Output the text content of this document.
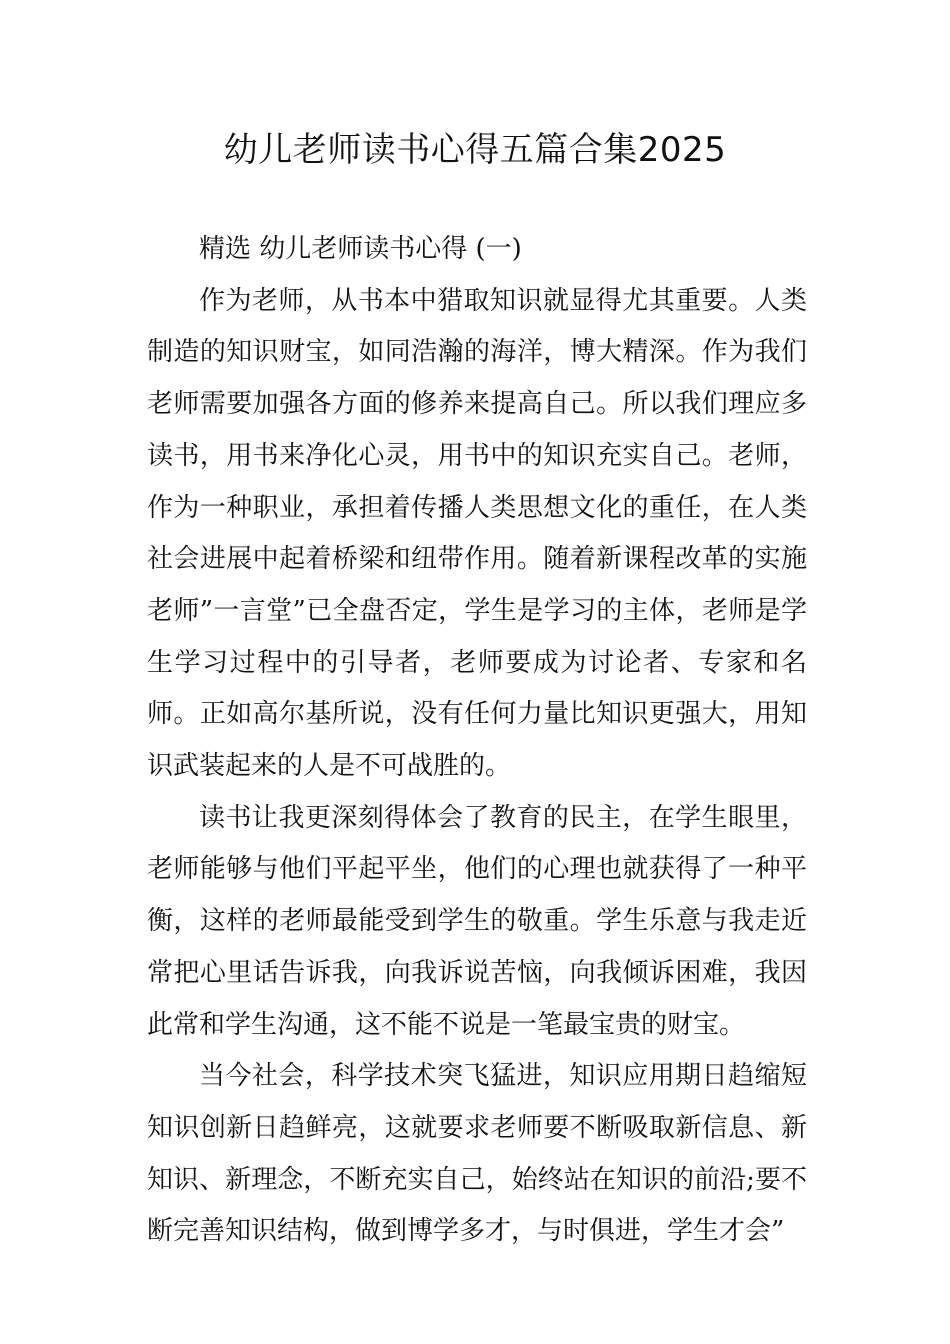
幼儿老师读书心得五篇合集2025

精选 幼儿老师读书心得 (一)

作为老师，从书本中猎取知识就显得尤其重要。人类制造的知识财宝，如同浩瀚的海洋，博大精深。作为我们老师需要加强各方面的修养来提高自己。所以我们理应多读书，用书来净化心灵，用书中的知识充实自己。老师，作为一种职业，承担着传播人类思想文化的重任，在人类社会进展中起着桥梁和纽带作用。随着新课程改革的实施老师”一言堂”已全盘否定，学生是学习的主体，老师是学生学习过程中的引导者，老师要成为讨论者、专家和名师。正如高尔基所说，没有任何力量比知识更强大，用知识武装起来的人是不可战胜的。

读书让我更深刻得体会了教育的民主，在学生眼里，老师能够与他们平起平坐，他们的心理也就获得了一种平衡，这样的老师最能受到学生的敬重。学生乐意与我走近常把心里话告诉我，向我诉说苦恼，向我倾诉困难，我因此常和学生沟通，这不能不说是一笔最宝贵的财宝。

当今社会，科学技术突飞猛进，知识应用期日趋缩短知识创新日趋鲜亮，这就要求老师要不断吸取新信息、新知识、新理念，不断充实自己，始终站在知识的前沿;要不断完善知识结构，做到博学多才，与时俱进，学生才会”
